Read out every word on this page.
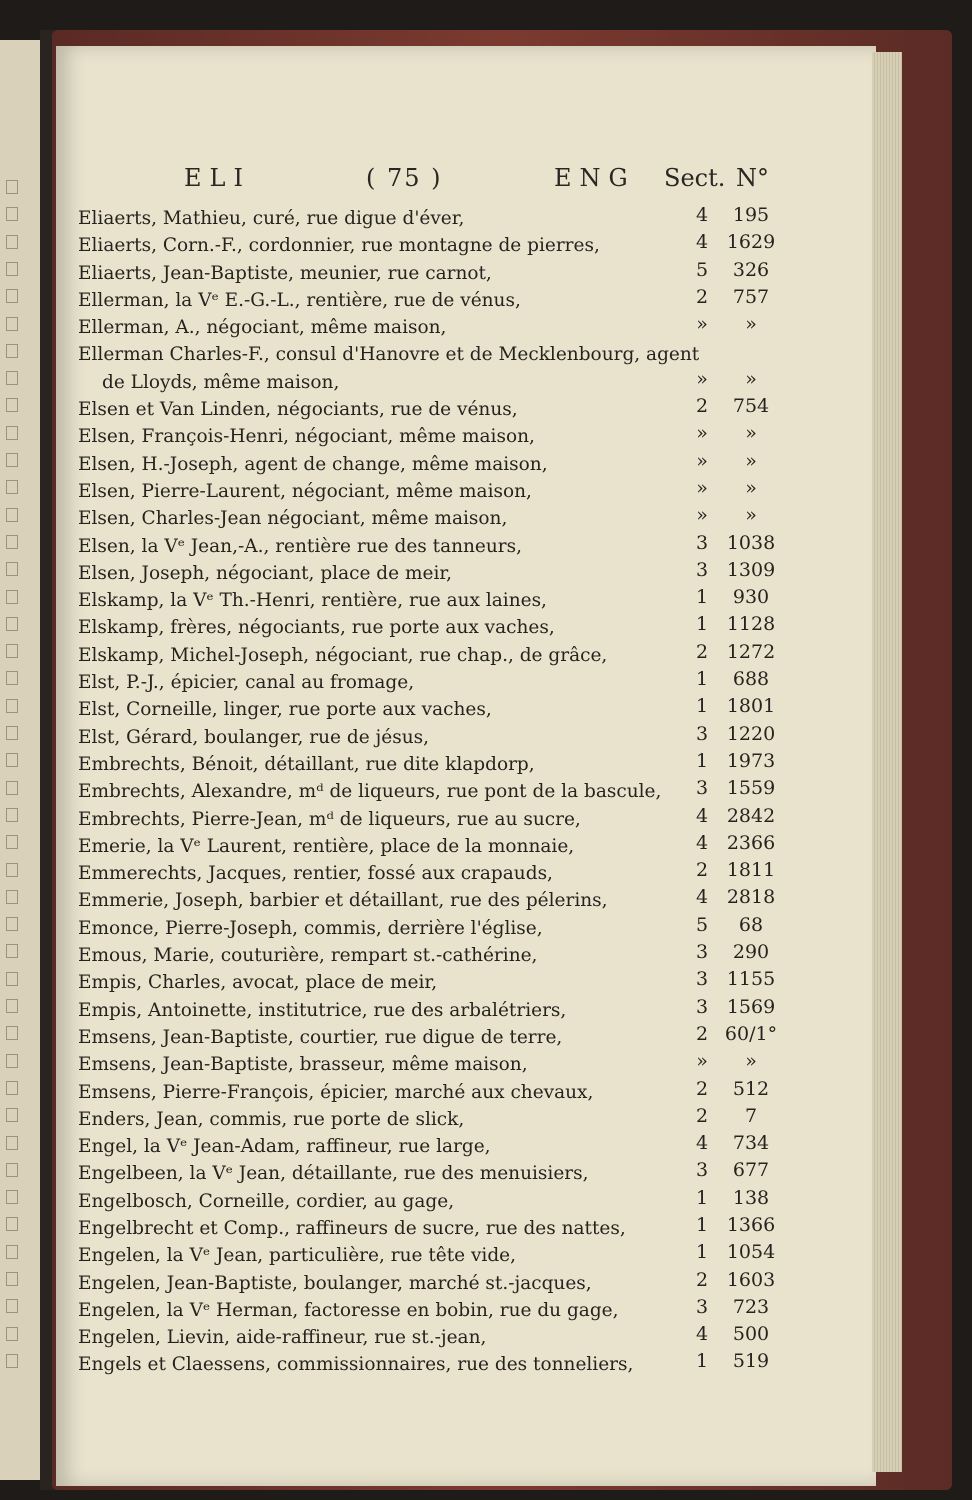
ELI	( 75 )	ENG Sect. N°
Eliaerts, Mathieu, curé, rue digue d'éver,	4	195
Eliaerts, Corn.-F., cordonnier, rue montagne de pierres,	4 1629
Eliaerts, Jean-Baptiste, meunier, rue carnot,	5	326
Ellerman, la Vᵉ E.-G.-L., rentière, rue de vénus,	2	757
Ellerman, A., négociant, même maison,	»	»
Ellerman Charles-F., consul d'Hanovre et de Mecklenbourg, agent
de Lloyds, même maison,	»	»
Elsen et Van Linden, négociants, rue de vénus,	2	754
Elsen, François-Henri, négociant, même maison,	»	»
Elsen, H.-Joseph, agent de change, même maison,	»	»
Elsen, Pierre-Laurent, négociant, même maison,	»	»
Elsen, Charles-Jean négociant, même maison,	»	»
Elsen, la Vᵉ Jean,-A., rentière rue des tanneurs,	3 1038
Elsen, Joseph, négociant, place de meir,	3 1309
Elskamp, la Vᵉ Th.-Henri, rentière, rue aux laines,	1	930
Elskamp, frères, négociants, rue porte aux vaches,	1 1128
Elskamp, Michel-Joseph, négociant, rue chap., de grâce,	2 1272
Elst, P.-J., épicier, canal au fromage,	1	688
Elst, Corneille, linger, rue porte aux vaches,	1 1801
Elst, Gérard, boulanger, rue de jésus,	3 1220
Embrechts, Bénoit, détaillant, rue dite klapdorp,	1 1973
Embrechts, Alexandre, mᵈ de liqueurs, rue pont de la bascule,	3 1559
Embrechts, Pierre-Jean, mᵈ de liqueurs, rue au sucre,	4 2842
Emerie, la Vᵉ Laurent, rentière, place de la monnaie,	4 2366
Emmerechts, Jacques, rentier, fossé aux crapauds,	2 1811
Emmerie, Joseph, barbier et détaillant, rue des pélerins,	4 2818
Emonce, Pierre-Joseph, commis, derrière l'église,	5	68
Emous, Marie, couturière, rempart st.-cathérine,	3	290
Empis, Charles, avocat, place de meir,	3 1155
Empis, Antoinette, institutrice, rue des arbalétriers,	3 1569
Emsens, Jean-Baptiste, courtier, rue digue de terre,	2 60/1°
Emsens, Jean-Baptiste, brasseur, même maison,	»	»
Emsens, Pierre-François, épicier, marché aux chevaux,	2	512
Enders, Jean, commis, rue porte de slick,	2	7
Engel, la Vᵉ Jean-Adam, raffineur, rue large,	4	734
Engelbeen, la Vᵉ Jean, détaillante, rue des menuisiers,	3	677
Engelbosch, Corneille, cordier, au gage,	1	138
Engelbrecht et Comp., raffineurs de sucre, rue des nattes,	1 1366
Engelen, la Vᵉ Jean, particulière, rue tête vide,	1 1054
Engelen, Jean-Baptiste, boulanger, marché st.-jacques,	2 1603
Engelen, la Vᵉ Herman, factoresse en bobin, rue du gage,	3	723
Engelen, Lievin, aide-raffineur, rue st.-jean,	4	500
Engels et Claessens, commissionnaires, rue des tonneliers,	1	519
